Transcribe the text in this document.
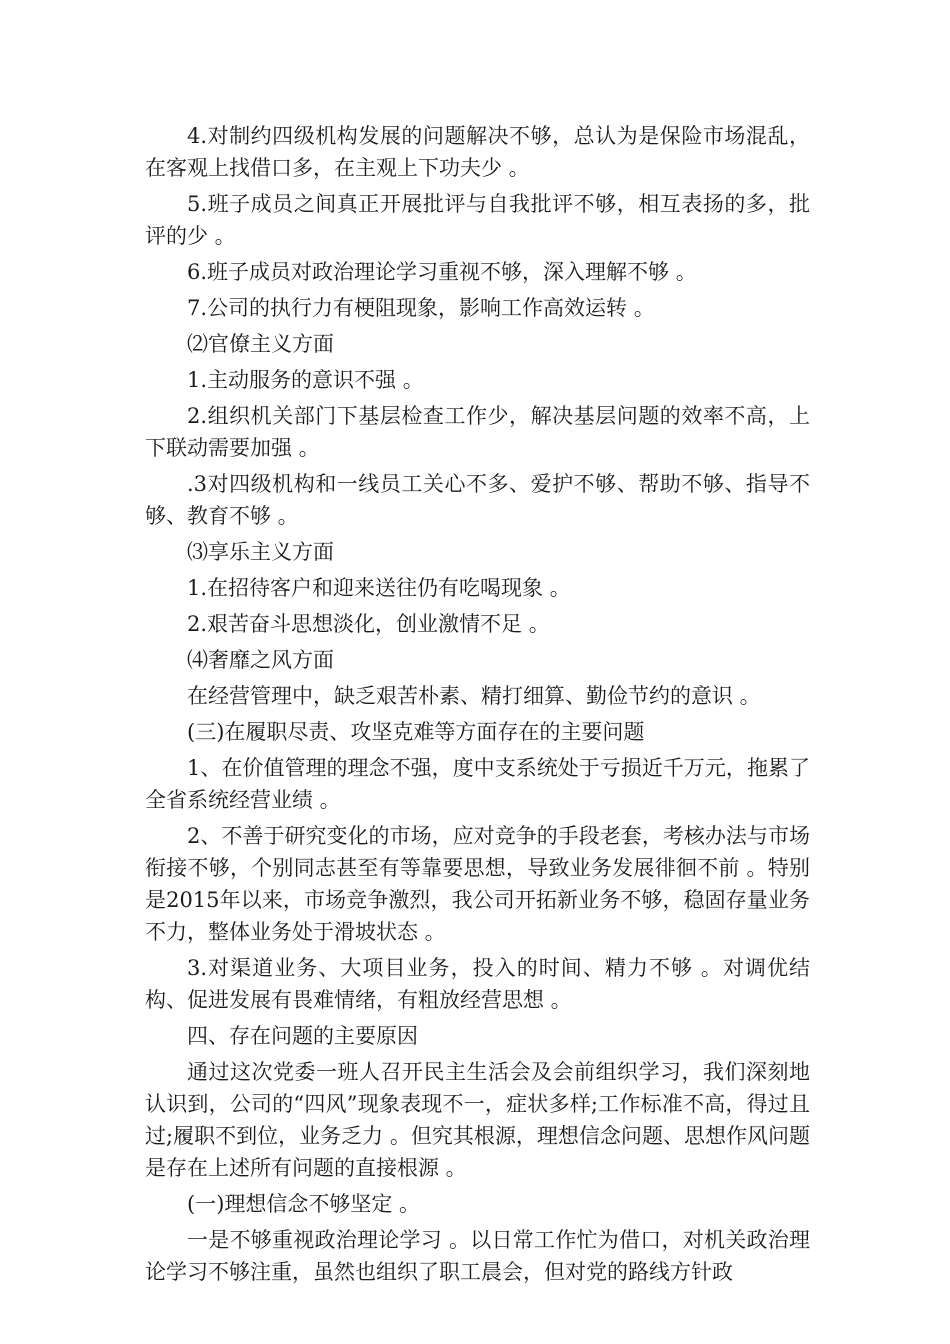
4.对制约四级机构发展的问题解决不够，总认为是保险市场混乱，在客观上找借口多，在主观上下功夫少 。

5.班子成员之间真正开展批评与自我批评不够，相互表扬的多，批评的少 。

6.班子成员对政治理论学习重视不够，深入理解不够 。

7.公司的执行力有梗阻现象，影响工作高效运转 。

⑵官僚主义方面

1.主动服务的意识不强 。

2.组织机关部门下基层检查工作少，解决基层问题的效率不高，上下联动需要加强 。

.3对四级机构和一线员工关心不多、爱护不够、帮助不够、指导不够、教育不够 。

⑶享乐主义方面

1.在招待客户和迎来送往仍有吃喝现象 。

2.艰苦奋斗思想淡化，创业激情不足 。

⑷奢靡之风方面

在经营管理中，缺乏艰苦朴素、精打细算、勤俭节约的意识 。

(三)在履职尽责、攻坚克难等方面存在的主要问题

1、在价值管理的理念不强，度中支系统处于亏损近千万元，拖累了全省系统经营业绩 。

2、不善于研究变化的市场，应对竞争的手段老套，考核办法与市场衔接不够，个别同志甚至有等靠要思想，导致业务发展徘徊不前 。特别是2015年以来，市场竞争激烈，我公司开拓新业务不够，稳固存量业务不力，整体业务处于滑坡状态 。

3.对渠道业务、大项目业务，投入的时间、精力不够 。对调优结构、促进发展有畏难情绪，有粗放经营思想 。

四、存在问题的主要原因

通过这次党委一班人召开民主生活会及会前组织学习，我们深刻地认识到，公司的“四风”现象表现不一，症状多样;工作标准不高，得过且过;履职不到位，业务乏力 。但究其根源，理想信念问题、思想作风问题是存在上述所有问题的直接根源 。

(一)理想信念不够坚定 。

一是不够重视政治理论学习 。以日常工作忙为借口，对机关政治理论学习不够注重，虽然也组织了职工晨会，但对党的路线方针政
